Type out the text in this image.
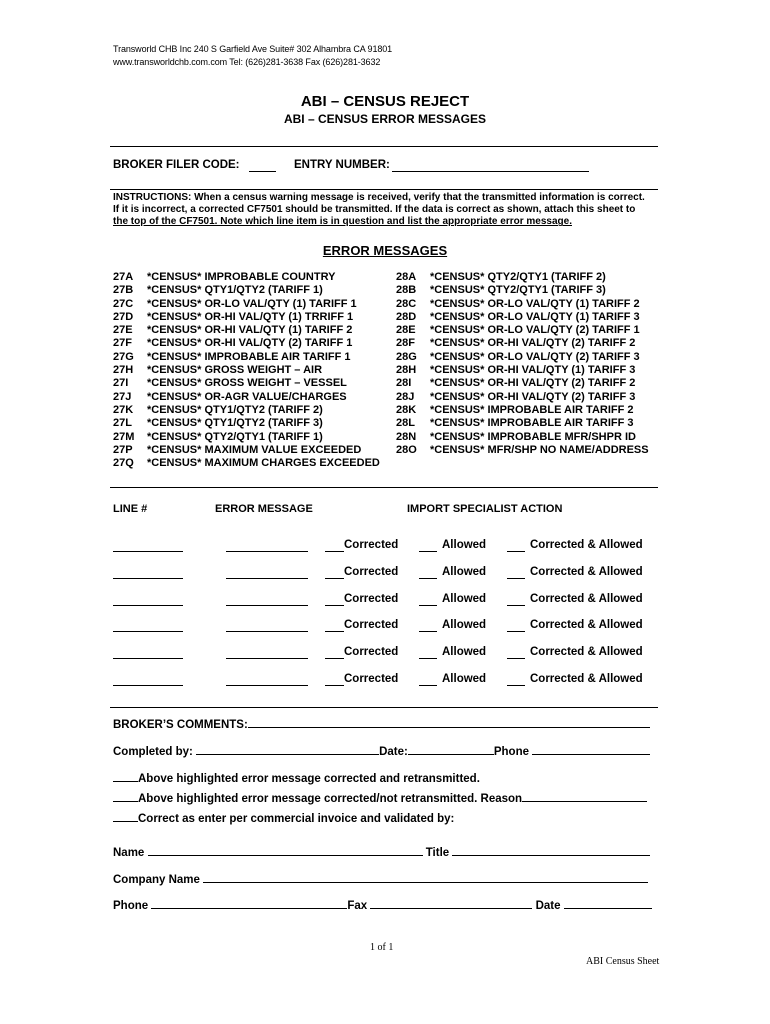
Transworld CHB Inc 240 S Garfield Ave Suite# 302 Alhambra CA 91801
www.transworldchb.com.com Tel: (626)281-3638 Fax (626)281-3632
ABI – CENSUS REJECT
ABI – CENSUS ERROR MESSAGES
BROKER FILER CODE:	ENTRY NUMBER:
INSTRUCTIONS: When a census warning message is received, verify that the transmitted information is correct.
If it is incorrect, a corrected CF7501 should be transmitted. If the data is correct as shown, attach this sheet to
the top of the CF7501. Note which line item is in question and list the appropriate error message.
ERROR MESSAGES
27A	*CENSUS* IMPROBABLE COUNTRY
27B	*CENSUS* QTY1/QTY2 (TARIFF 1)
27C	*CENSUS* OR-LO VAL/QTY (1) TARIFF 1
27D	*CENSUS* OR-HI VAL/QTY (1) TRRIFF 1
27E	*CENSUS* OR-HI VAL/QTY (1) TARIFF 2
27F	*CENSUS* OR-HI VAL/QTY (2) TARIFF 1
27G	*CENSUS* IMPROBABLE AIR TARIFF 1
27H	*CENSUS* GROSS WEIGHT – AIR
27I	*CENSUS* GROSS WEIGHT – VESSEL
27J	*CENSUS* OR-AGR VALUE/CHARGES
27K	*CENSUS* QTY1/QTY2 (TARIFF 2)
27L	*CENSUS* QTY1/QTY2 (TARIFF 3)
27M	*CENSUS* QTY2/QTY1 (TARIFF 1)
27P	*CENSUS* MAXIMUM VALUE EXCEEDED
27Q	*CENSUS* MAXIMUM CHARGES EXCEEDED
28A	*CENSUS* QTY2/QTY1 (TARIFF 2)
28B	*CENSUS* QTY2/QTY1 (TARIFF 3)
28C	*CENSUS* OR-LO VAL/QTY (1) TARIFF 2
28D	*CENSUS* OR-LO VAL/QTY (1) TARIFF 3
28E	*CENSUS* OR-LO VAL/QTY (2) TARIFF 1
28F	*CENSUS* OR-HI VAL/QTY (2) TARIFF 2
28G	*CENSUS* OR-LO VAL/QTY (2) TARIFF 3
28H	*CENSUS* OR-HI VAL/QTY (1) TARIFF 3
28I	*CENSUS* OR-HI VAL/QTY (2) TARIFF 2
28J	*CENSUS* OR-HI VAL/QTY (2) TARIFF 3
28K	*CENSUS* IMPROBABLE AIR TARIFF 2
28L	*CENSUS* IMPROBABLE AIR TARIFF 3
28N	*CENSUS* IMPROBABLE MFR/SHPR ID
28O	*CENSUS* MFR/SHP NO NAME/ADDRESS
LINE #	ERROR MESSAGE	IMPORT SPECIALIST ACTION
Corrected	Allowed	Corrected & Allowed
Corrected	Allowed	Corrected & Allowed
Corrected	Allowed	Corrected & Allowed
Corrected	Allowed	Corrected & Allowed
Corrected	Allowed	Corrected & Allowed
Corrected	Allowed	Corrected & Allowed
BROKER’S COMMENTS:
Completed by:	Date:	Phone
Above highlighted error message corrected and retransmitted.
Above highlighted error message corrected/not retransmitted. Reason
Correct as enter per commercial invoice and validated by:
Name	Title
Company Name
Phone	Fax	Date
1 of 1
ABI Census Sheet
